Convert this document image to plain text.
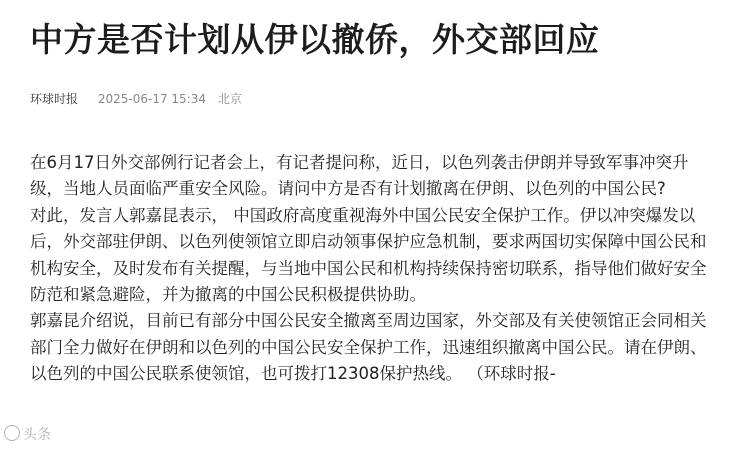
中方是否计划从伊以撤侨，外交部回应
环球时报 2025-06-17 15:34 北京

在6月17日外交部例行记者会上，有记者提问称，近日，以色列袭击伊朗并导致军事冲突升级，当地人员面临严重安全风险。请问中方是否有计划撤离在伊朗、以色列的中国公民?

对此，发言人郭嘉昆表示， 中国政府高度重视海外中国公民安全保护工作。伊以冲突爆发以后，外交部驻伊朗、以色列使领馆立即启动领事保护应急机制，要求两国切实保障中国公民和机构安全，及时发布有关提醒，与当地中国公民和机构持续保持密切联系，指导他们做好安全防范和紧急避险，并为撤离的中国公民积极提供协助。

郭嘉昆介绍说，目前已有部分中国公民安全撤离至周边国家，外交部及有关使领馆正会同相关部门全力做好在伊朗和以色列的中国公民安全保护工作，迅速组织撤离中国公民。请在伊朗、以色列的中国公民联系使领馆，也可拨打12308保护热线。 （环球时报-

头条
